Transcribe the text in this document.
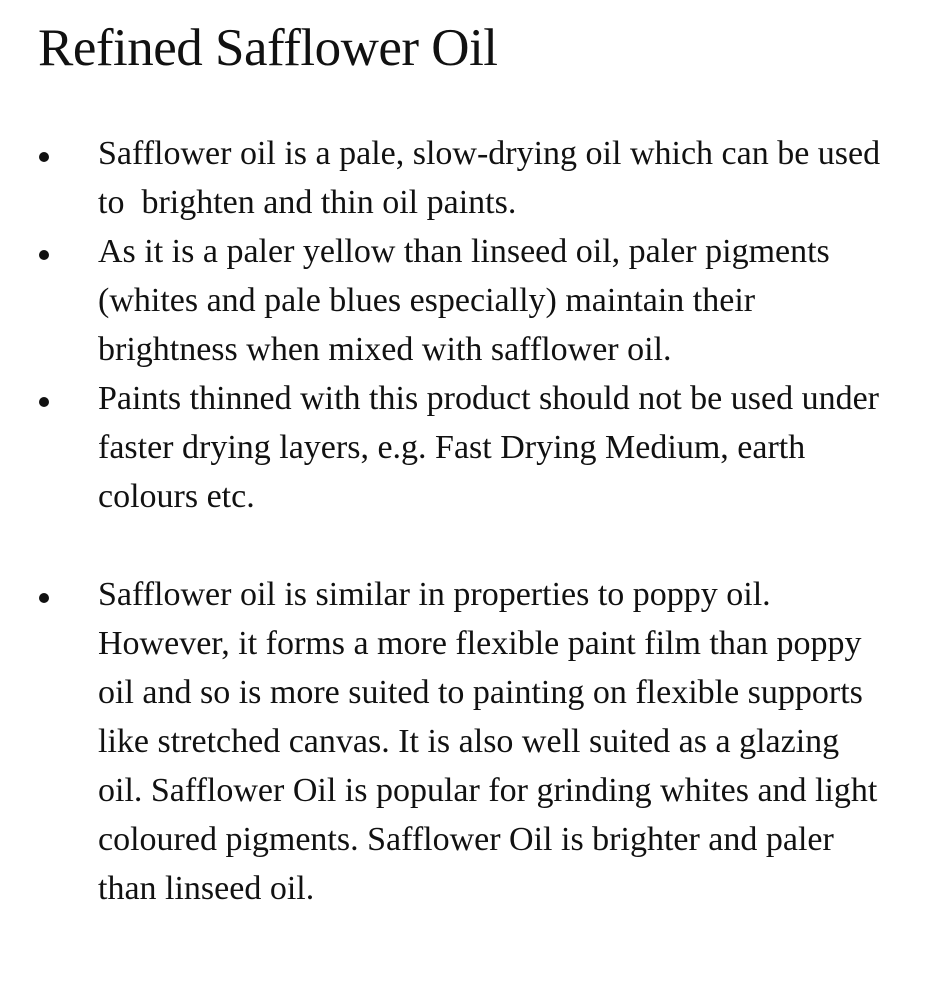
Refined Safflower Oil
Safflower oil is a pale, slow-drying oil which can be used to  brighten and thin oil paints.
As it is a paler yellow than linseed oil, paler pigments (whites and pale blues especially) maintain their brightness when mixed with safflower oil.
Paints thinned with this product should not be used under faster drying layers, e.g. Fast Drying Medium, earth colours etc.
Safflower oil is similar in properties to poppy oil. However, it forms a more flexible paint film than poppy oil and so is more suited to painting on flexible supports like stretched canvas. It is also well suited as a glazing oil. Safflower Oil is popular for grinding whites and light coloured pigments. Safflower Oil is brighter and paler than linseed oil.
